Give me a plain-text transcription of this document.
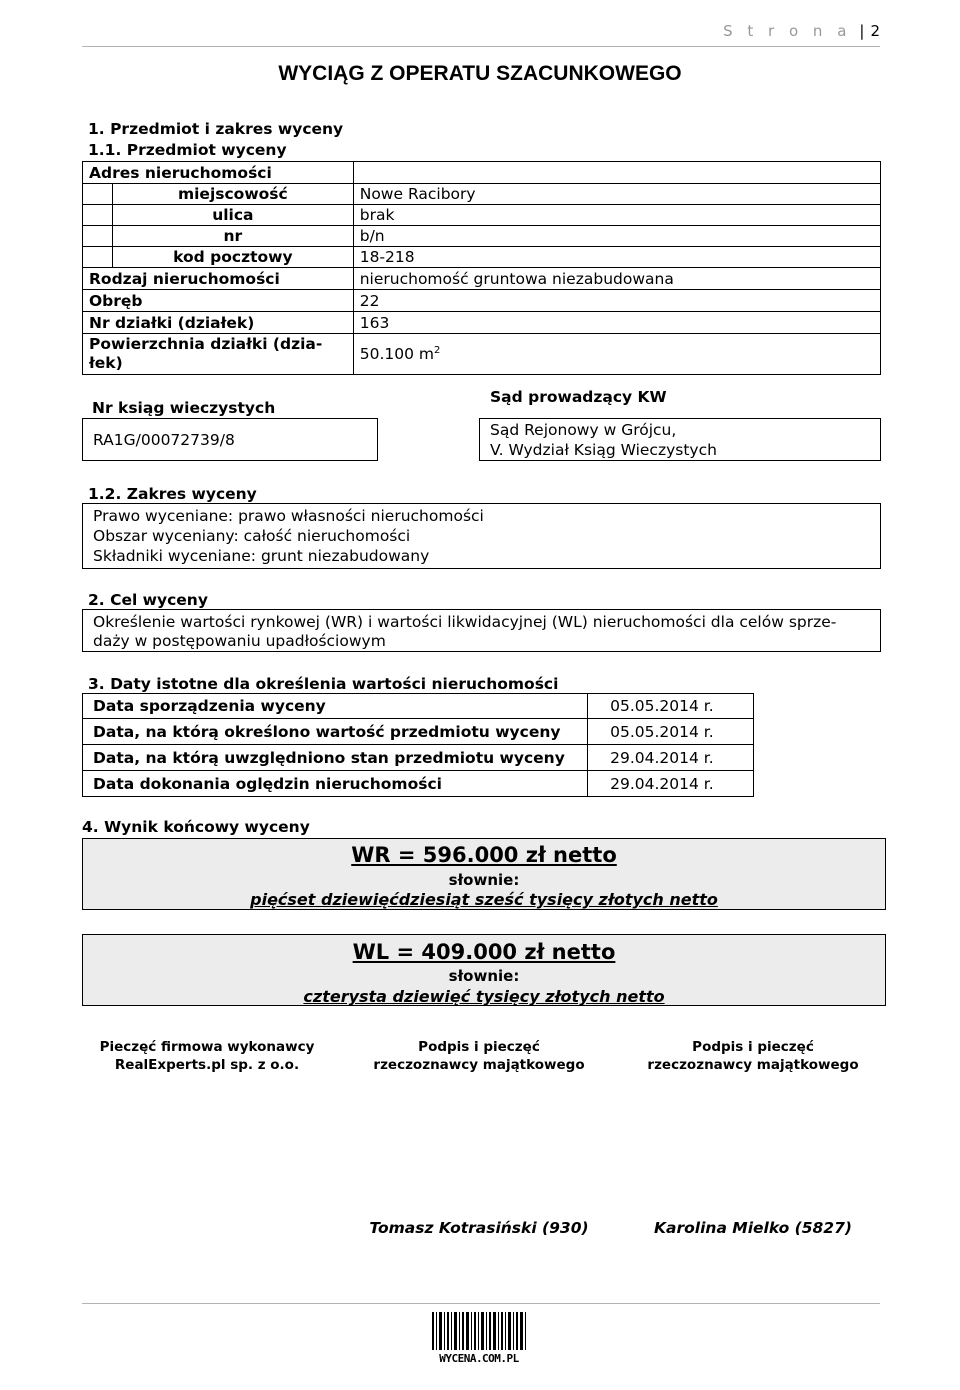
S t r o n a | 2
WYCIĄG Z OPERATU SZACUNKOWEGO
1. Przedmiot i zakres wyceny
1.1. Przedmiot wyceny
Adres nieruchomości		
	miejscowość	Nowe Racibory
	ulica	brak
	nr	b/n
	kod pocztowy	18-218
Rodzaj nieruchomości		nieruchomość gruntowa niezabudowana
Obręb		22
Nr działki (działek)		163
Powierzchnia działki (dzia-
łek)		50.100 $m^2$
Nr ksiąg wieczystych
RA1G/00072739/8
Sąd prowadzący KW
Sąd Rejonowy w Grójcu,
V. Wydział Ksiąg Wieczystych
1.2. Zakres wyceny
Prawo wyceniane: prawo własności nieruchomości
Obszar wyceniany: całość nieruchomości
Składniki wyceniane: grunt niezabudowany
2. Cel wyceny
Określenie wartości rynkowej (WR) i wartości likwidacyjnej (WL) nieruchomości dla celów sprze-
daży w postępowaniu upadłościowym
3. Daty istotne dla określenia wartości nieruchomości
Data sporządzenia wyceny	05.05.2014 r.
Data, na którą określono wartość przedmiotu wyceny	05.05.2014 r.
Data, na którą uwzględniono stan przedmiotu wyceny	29.04.2014 r.
Data dokonania oględzin nieruchomości	29.04.2014 r.
4. Wynik końcowy wyceny
WR = 596.000 zł netto
słownie:
pięćset dziewięćdziesiąt sześć tysięcy złotych netto
WL = 409.000 zł netto
słownie:
czterysta dziewięć tysięcy złotych netto
Pieczęć firmowa wykonawcy
RealExperts.pl sp. z o.o.
Podpis i pieczęć
rzeczoznawcy majątkowego
Podpis i pieczęć
rzeczoznawcy majątkowego
Tomasz Kotrasiński (930)	Karolina Mielko (5827)
WYCENA.COM.PL
